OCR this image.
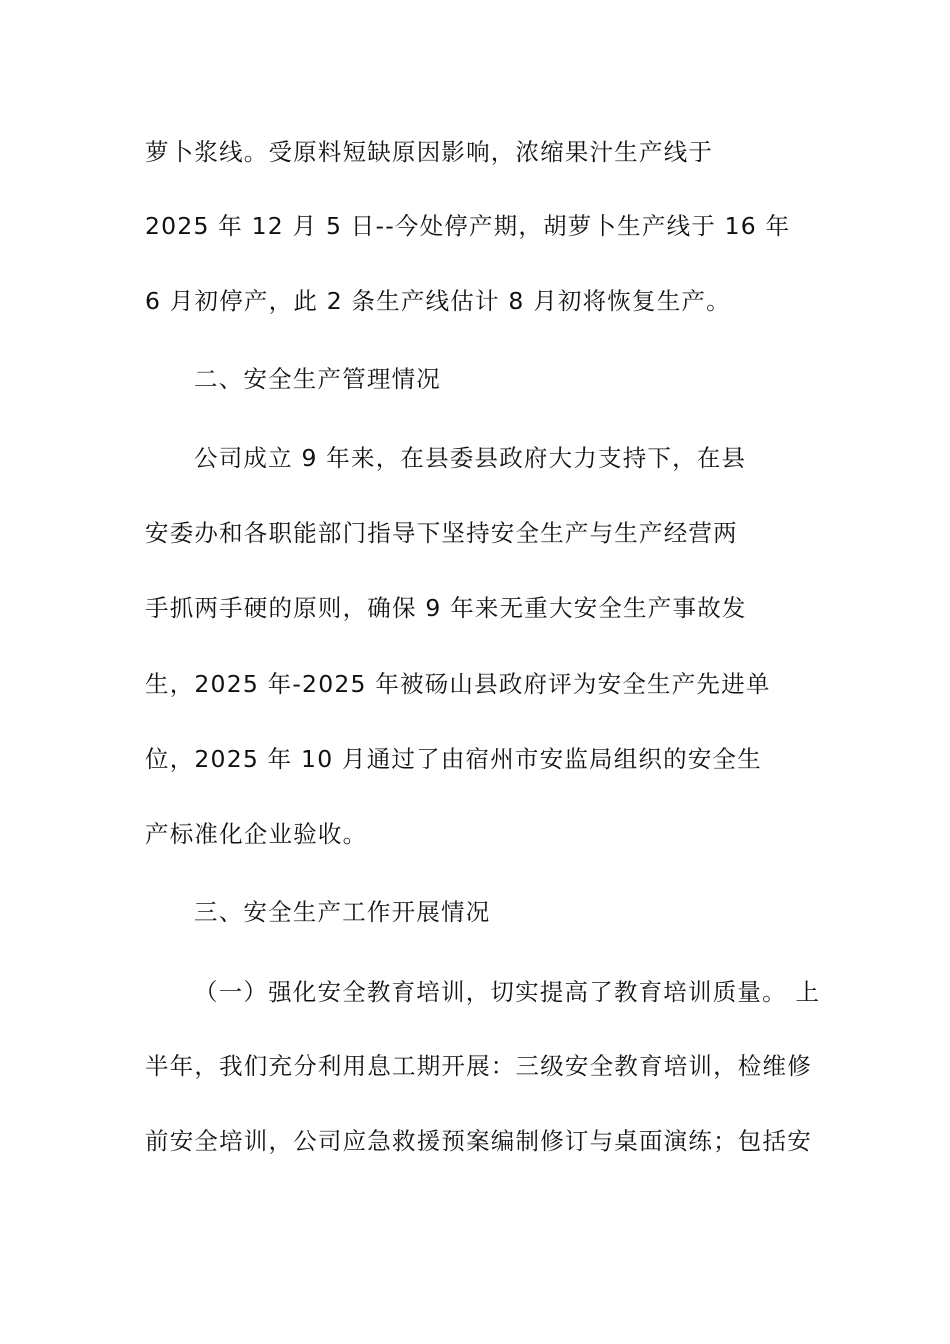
萝卜浆线。受原料短缺原因影响，浓缩果汁生产线于
2025 年 12 月 5 日--今处停产期，胡萝卜生产线于 16 年
6 月初停产，此 2 条生产线估计 8 月初将恢复生产。
二、安全生产管理情况
公司成立 9 年来，在县委县政府大力支持下，在县
安委办和各职能部门指导下坚持安全生产与生产经营两
手抓两手硬的原则，确保 9 年来无重大安全生产事故发
生，2025 年-2025 年被砀山县政府评为安全生产先进单
位，2025 年 10 月通过了由宿州市安监局组织的安全生
产标准化企业验收。
三、安全生产工作开展情况
（一）强化安全教育培训，切实提高了教育培训质量。 上
半年，我们充分利用息工期开展：三级安全教育培训，检维修
前安全培训，公司应急救援预案编制修订与桌面演练；包括安
